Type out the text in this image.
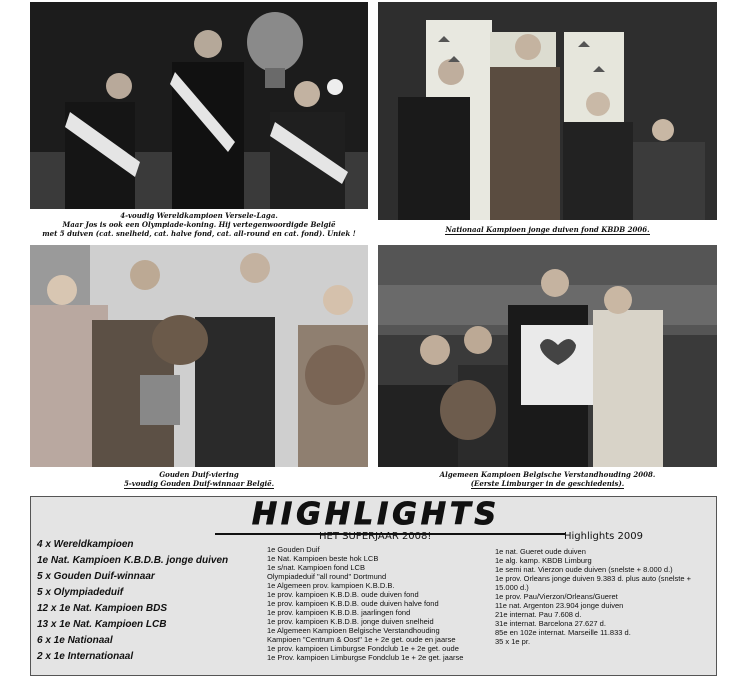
4-voudig Wereldkampioen Versele-Laga.
Maar Jos is ook een Olympiade-koning. Hij vertegenwoordigde België
met 5 duiven (cat. snelheid, cat. halve fond, cat. all-round en cat. fond). Uniek !	Nationaal Kampioen jonge duiven fond KBDB 2006.
Gouden Duif-viering
5-voudig Gouden Duif-winnaar België.
Algemeen Kampioen Belgische Verstandhouding 2008.
(Eerste Limburger in de geschiedenis).
HIGHLIGHTS
4 x Wereldkampioen
1e Nat. Kampioen K.B.D.B. jonge duiven
5 x Gouden Duif-winnaar
5 x Olympiadeduif
12 x 1e Nat. Kampioen BDS
13 x 1e Nat. Kampioen LCB
6 x 1e Nationaal
2 x 1e Internationaal
HET SUPERJAAR 2008!
1e Gouden Duif
1e Nat. Kampioen beste hok LCB
1e s/nat. Kampioen fond LCB
Olympiadeduif "all round" Dortmund
1e Algemeen prov. kampioen K.B.D.B.
1e prov. kampioen K.B.D.B. oude duiven fond
1e prov. kampioen K.B.D.B. oude duiven halve fond
1e prov. kampioen K.B.D.B. jaarlingen fond
1e prov. kampioen K.B.D.B. jonge duiven snelheid
1e Algemeen Kampioen Belgische Verstandhouding
Kampioen "Centrum & Oost" 1e + 2e get. oude en jaarse
1e prov. kampioen Limburgse Fondclub 1e + 2e get. oude
1e Prov. kampioen Limburgse Fondclub 1e + 2e get. jaarse
Highlights 2009
1e nat. Gueret oude duiven
1e alg. kamp. KBDB Limburg
1e semi nat. Vierzon oude duiven (snelste + 8.000 d.)
1e prov. Orleans jonge duiven 9.383 d. plus auto (snelste +
15.000 d.)
1e prov. Pau/Vierzon/Orleans/Gueret
11e nat. Argenton 23.904 jonge duiven
21e internat. Pau 7.608 d.
31e internat. Barcelona 27.627 d.
85e en 102e internat. Marseille 11.833 d.
35 x 1e pr.
